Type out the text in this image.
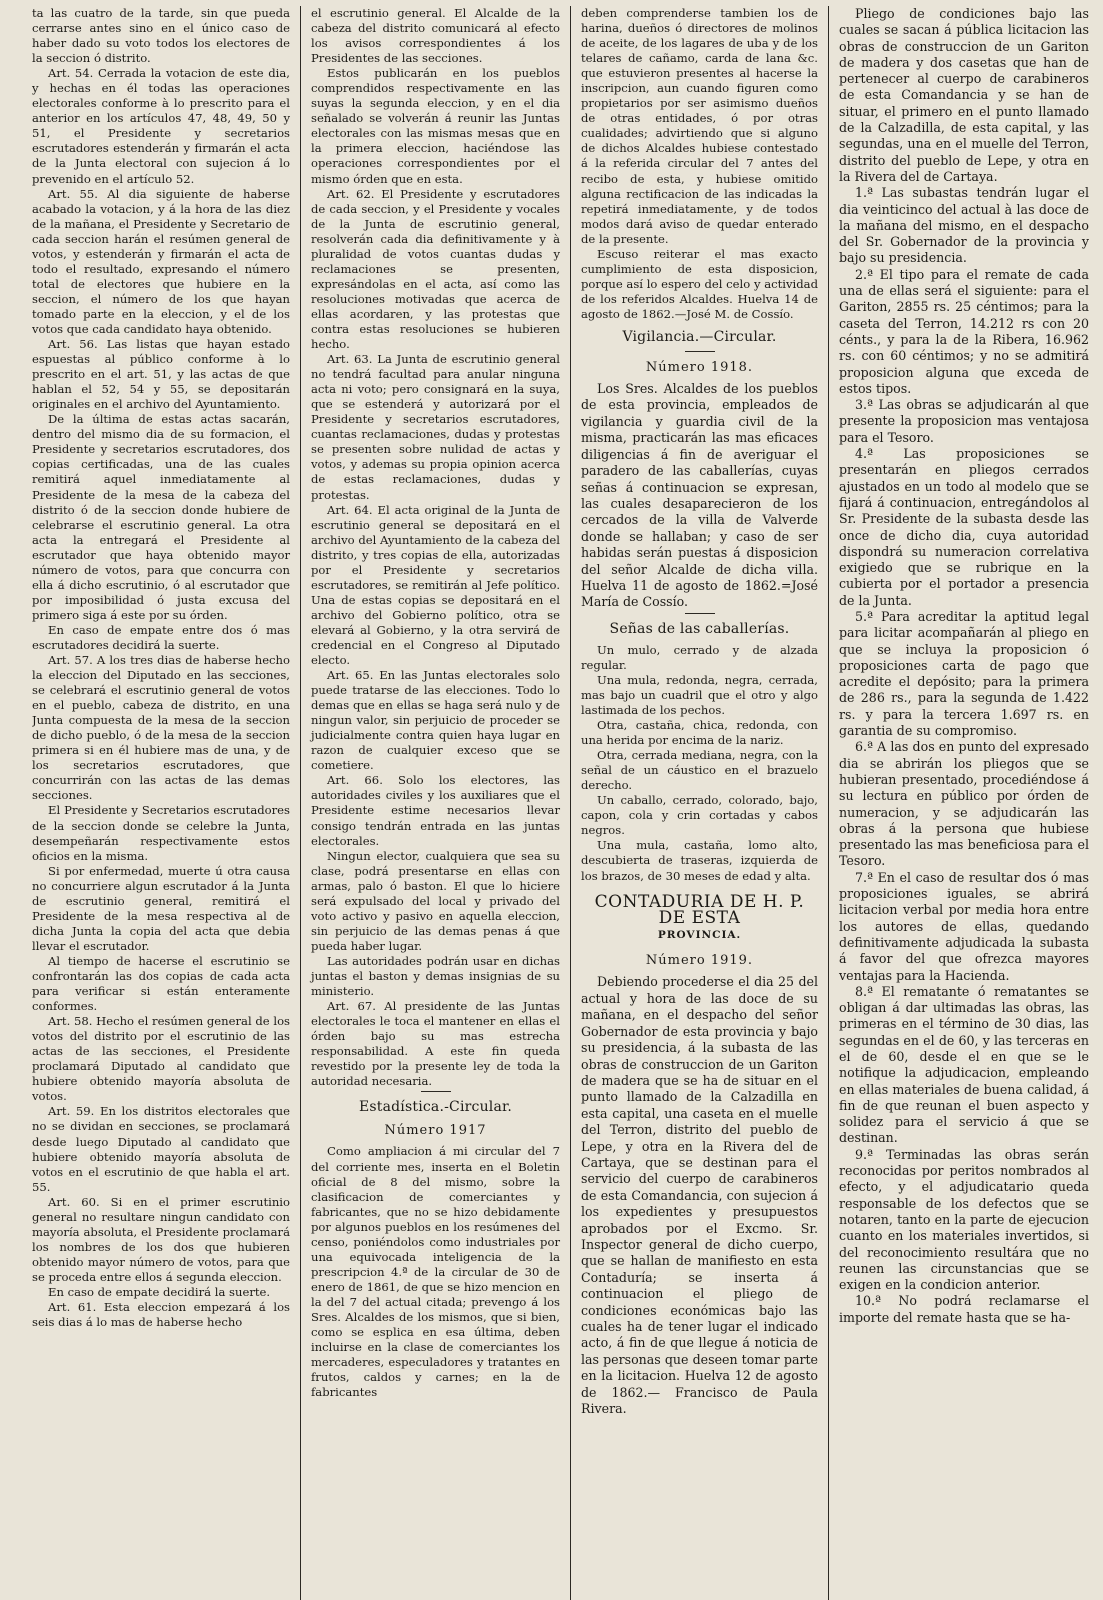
ta las cuatro de la tarde, sin que pueda cerrarse antes sino en el único caso de haber dado su voto todos los electores de la seccion ó distrito.

Art. 54. Cerrada la votacion de este dia, y hechas en él todas las operaciones electorales conforme à lo prescrito para el anterior en los artículos 47, 48, 49, 50 y 51, el Presidente y secretarios escrutadores estenderán y firmarán el acta de la Junta electoral con sujecion á lo prevenido en el artículo 52.

Art. 55. Al dia siguiente de haberse acabado la votacion, y á la hora de las diez de la mañana, el Presidente y Secretario de cada seccion harán el resúmen general de votos, y estenderán y firmarán el acta de todo el resultado, expresando el número total de electores que hubiere en la seccion, el número de los que hayan tomado parte en la eleccion, y el de los votos que cada candidato haya obtenido.

Art. 56. Las listas que hayan estado espuestas al público conforme à lo prescrito en el art. 51, y las actas de que hablan el 52, 54 y 55, se depositarán originales en el archivo del Ayuntamiento.

De la última de estas actas sacarán, dentro del mismo dia de su formacion, el Presidente y secretarios escrutadores, dos copias certificadas, una de las cuales remitirá aquel inmediatamente al Presidente de la mesa de la cabeza del distrito ó de la seccion donde hubiere de celebrarse el escrutinio general. La otra acta la entregará el Presidente al escrutador que haya obtenido mayor número de votos, para que concurra con ella á dicho escrutinio, ó al escrutador que por imposibilidad ó justa excusa del primero siga á este por su órden.

En caso de empate entre dos ó mas escrutadores decidirá la suerte.

Art. 57. A los tres dias de haberse hecho la eleccion del Diputado en las secciones, se celebrará el escrutinio general de votos en el pueblo, cabeza de distrito, en una Junta compuesta de la mesa de la seccion de dicho pueblo, ó de la mesa de la seccion primera si en él hubiere mas de una, y de los secretarios escrutadores, que concurrirán con las actas de las demas secciones.

El Presidente y Secretarios escrutadores de la seccion donde se celebre la Junta, desempeñarán respectivamente estos oficios en la misma.

Si por enfermedad, muerte ú otra causa no concurriere algun escrutador á la Junta de escrutinio general, remitirá el Presidente de la mesa respectiva al de dicha Junta la copia del acta que debia llevar el escrutador.

Al tiempo de hacerse el escrutinio se confrontarán las dos copias de cada acta para verificar si están enteramente conformes.

Art. 58. Hecho el resúmen general de los votos del distrito por el escrutinio de las actas de las secciones, el Presidente proclamará Diputado al candidato que hubiere obtenido mayoría absoluta de votos.

Art. 59. En los distritos electorales que no se dividan en secciones, se proclamará desde luego Diputado al candidato que hubiere obtenido mayoría absoluta de votos en el escrutinio de que habla el art. 55.

Art. 60. Si en el primer escrutinio general no resultare ningun candidato con mayoría absoluta, el Presidente proclamará los nombres de los dos que hubieren obtenido mayor número de votos, para que se proceda entre ellos á segunda eleccion.

En caso de empate decidirá la suerte.

Art. 61. Esta eleccion empezará á los seis dias á lo mas de haberse hecho

el escrutinio general. El Alcalde de la cabeza del distrito comunicará al efecto los avisos correspondientes á los Presidentes de las secciones.

Estos publicarán en los pueblos comprendidos respectivamente en las suyas la segunda eleccion, y en el dia señalado se volverán á reunir las Juntas electorales con las mismas mesas que en la primera eleccion, haciéndose las operaciones correspondientes por el mismo órden que en esta.

Art. 62. El Presidente y escrutadores de cada seccion, y el Presidente y vocales de la Junta de escrutinio general, resolverán cada dia definitivamente y à pluralidad de votos cuantas dudas y reclamaciones se presenten, expresándolas en el acta, así como las resoluciones motivadas que acerca de ellas acordaren, y las protestas que contra estas resoluciones se hubieren hecho.

Art. 63. La Junta de escrutinio general no tendrá facultad para anular ninguna acta ni voto; pero consignará en la suya, que se estenderá y autorizará por el Presidente y secretarios escrutadores, cuantas reclamaciones, dudas y protestas se presenten sobre nulidad de actas y votos, y ademas su propia opinion acerca de estas reclamaciones, dudas y protestas.

Art. 64. El acta original de la Junta de escrutinio general se depositará en el archivo del Ayuntamiento de la cabeza del distrito, y tres copias de ella, autorizadas por el Presidente y secretarios escrutadores, se remitirán al Jefe político. Una de estas copias se depositará en el archivo del Gobierno político, otra se elevará al Gobierno, y la otra servirá de credencial en el Congreso al Diputado electo.

Art. 65. En las Juntas electorales solo puede tratarse de las elecciones. Todo lo demas que en ellas se haga será nulo y de ningun valor, sin perjuicio de proceder se judicialmente contra quien haya lugar en razon de cualquier exceso que se cometiere.

Art. 66. Solo los electores, las autoridades civiles y los auxiliares que el Presidente estime necesarios llevar consigo tendrán entrada en las juntas electorales.

Ningun elector, cualquiera que sea su clase, podrá presentarse en ellas con armas, palo ó baston. El que lo hiciere será expulsado del local y privado del voto activo y pasivo en aquella eleccion, sin perjuicio de las demas penas á que pueda haber lugar.

Las autoridades podrán usar en dichas juntas el baston y demas insignias de su ministerio.

Art. 67. Al presidente de las Juntas electorales le toca el mantener en ellas el órden bajo su mas estrecha responsabilidad. A este fin queda revestido por la presente ley de toda la autoridad necesaria.

Estadística.-Circular.
Número 1917

Como ampliacion á mi circular del 7 del corriente mes, inserta en el Boletin oficial de 8 del mismo, sobre la clasificacion de comerciantes y fabricantes, que no se hizo debidamente por algunos pueblos en los resúmenes del censo, poniéndolos como industriales por una equivocada inteligencia de la prescripcion 4.ª de la circular de 30 de enero de 1861, de que se hizo mencion en la del 7 del actual citada; prevengo á los Sres. Alcaldes de los mismos, que si bien, como se esplica en esa última, deben incluirse en la clase de comerciantes los mercaderes, especuladores y tratantes en frutos, caldos y carnes; en la de fabricantes

deben comprenderse tambien los de harina, dueños ó directores de molinos de aceite, de los lagares de uba y de los telares de cañamo, carda de lana &c. que estuvieron presentes al hacerse la inscripcion, aun cuando figuren como propietarios por ser asimismo dueños de otras entidades, ó por otras cualidades; advirtiendo que si alguno de dichos Alcaldes hubiese contestado á la referida circular del 7 antes del recibo de esta, y hubiese omitido alguna rectificacion de las indicadas la repetirá inmediatamente, y de todos modos dará aviso de quedar enterado de la presente.

Escuso reiterar el mas exacto cumplimiento de esta disposicion, porque así lo espero del celo y actividad de los referidos Alcaldes. Huelva 14 de agosto de 1862.—José M. de Cossío.

Vigilancia.—Circular.
Número 1918.

Los Sres. Alcaldes de los pueblos de esta provincia, empleados de vigilancia y guardia civil de la misma, practicarán las mas eficaces diligencias á fin de averiguar el paradero de las caballerías, cuyas señas á continuacion se expresan, las cuales desaparecieron de los cercados de la villa de Valverde donde se hallaban; y caso de ser habidas serán puestas á disposicion del señor Alcalde de dicha villa. Huelva 11 de agosto de 1862.=José María de Cossío.

Señas de las caballerías.

Un mulo, cerrado y de alzada regular.

Una mula, redonda, negra, cerrada, mas bajo un cuadril que el otro y algo lastimada de los pechos.

Otra, castaña, chica, redonda, con una herida por encima de la nariz.

Otra, cerrada mediana, negra, con la señal de un cáustico en el brazuelo derecho.

Un caballo, cerrado, colorado, bajo, capon, cola y crin cortadas y cabos negros.

Una mula, castaña, lomo alto, descubierta de traseras, izquierda de los brazos, de 30 meses de edad y alta.

CONTADURIA DE H. P. DE ESTA
PROVINCIA.
Número 1919.

Debiendo procederse el dia 25 del actual y hora de las doce de su mañana, en el despacho del señor Gobernador de esta provincia y bajo su presidencia, á la subasta de las obras de construccion de un Gariton de madera que se ha de situar en el punto llamado de la Calzadilla en esta capital, una caseta en el muelle del Terron, distrito del pueblo de Lepe, y otra en la Rivera del de Cartaya, que se destinan para el servicio del cuerpo de carabineros de esta Comandancia, con sujecion á los expedientes y presupuestos aprobados por el Excmo. Sr. Inspector general de dicho cuerpo, que se hallan de manifiesto en esta Contaduría; se inserta á continuacion el pliego de condiciones económicas bajo las cuales ha de tener lugar el indicado acto, á fin de que llegue á noticia de las personas que deseen tomar parte en la licitacion. Huelva 12 de agosto de 1862.— Francisco de Paula Rivera.

Pliego de condiciones bajo las cuales se sacan á pública licitacion las obras de construccion de un Gariton de madera y dos casetas que han de pertenecer al cuerpo de carabineros de esta Comandancia y se han de situar, el primero en el punto llamado de la Calzadilla, de esta capital, y las segundas, una en el muelle del Terron, distrito del pueblo de Lepe, y otra en la Rivera del de Cartaya.

1.ª Las subastas tendrán lugar el dia veinticinco del actual à las doce de la mañana del mismo, en el despacho del Sr. Gobernador de la provincia y bajo su presidencia.

2.ª El tipo para el remate de cada una de ellas será el siguiente: para el Gariton, 2855 rs. 25 céntimos; para la caseta del Terron, 14.212 rs con 20 cénts., y para la de la Ribera, 16.962 rs. con 60 céntimos; y no se admitirá proposicion alguna que exceda de estos tipos.

3.ª Las obras se adjudicarán al que presente la proposicion mas ventajosa para el Tesoro.

4.ª Las proposiciones se presentarán en pliegos cerrados ajustados en un todo al modelo que se fijará á continuacion, entregándolos al Sr. Presidente de la subasta desde las once de dicho dia, cuya autoridad dispondrá su numeracion correlativa exigiedo que se rubrique en la cubierta por el portador a presencia de la Junta.

5.ª Para acreditar la aptitud legal para licitar acompañarán al pliego en que se incluya la proposicion ó proposiciones carta de pago que acredite el depósito; para la primera de 286 rs., para la segunda de 1.422 rs. y para la tercera 1.697 rs. en garantia de su compromiso.

6.ª A las dos en punto del expresado dia se abrirán los pliegos que se hubieran presentado, procediéndose á su lectura en público por órden de numeracion, y se adjudicarán las obras á la persona que hubiese presentado las mas beneficiosa para el Tesoro.

7.ª En el caso de resultar dos ó mas proposiciones iguales, se abrirá licitacion verbal por media hora entre los autores de ellas, quedando definitivamente adjudicada la subasta á favor del que ofrezca mayores ventajas para la Hacienda.

8.ª El rematante ó rematantes se obligan á dar ultimadas las obras, las primeras en el término de 30 dias, las segundas en el de 60, y las terceras en el de 60, desde el en que se le notifique la adjudicacion, empleando en ellas materiales de buena calidad, á fin de que reunan el buen aspecto y solidez para el servicio á que se destinan.

9.ª Terminadas las obras serán reconocidas por peritos nombrados al efecto, y el adjudicatario queda responsable de los defectos que se notaren, tanto en la parte de ejecucion cuanto en los materiales invertidos, si del reconocimiento resultára que no reunen las circunstancias que se exigen en la condicion anterior.

10.ª No podrá reclamarse el importe del remate hasta que se ha-
